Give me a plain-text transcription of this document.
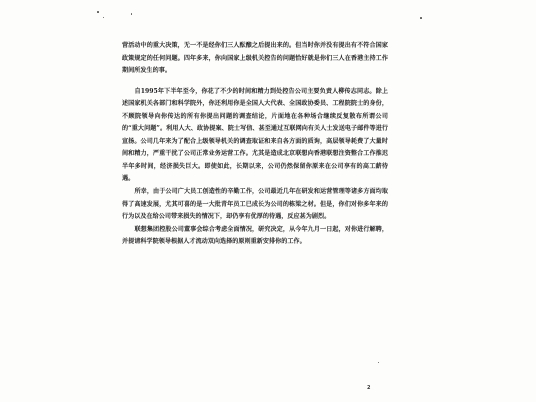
营活动中的重大决策，无一不是经你们三人酝酿之后提出来的。但当时你并没有提出有不符合国家政策规定的任何问题。四年多来，你向国家上级机关控告的问题恰好就是你们三人在香港主持工作期间所发生的事。

自1995年下半年至今，你花了不少的时间和精力到处控告公司主要负责人柳传志同志。除上述国家机关各部门和科学院外，你还利用你是全国人大代表、全国政协委员、工程院院士的身份，不顾院领导向你传达的所有你提出问题的调查结论，片面地在各种场合继续反复散布所谓公司的“重大问题”。利用人大、政协提案、院士写信、甚至通过互联网向有关人士发送电子邮件等进行宣扬。公司几年来为了配合上级领导机关的调查取证和来自各方面的质询，高层领导耗费了大量时间和精力，严重干扰了公司正常业务运营工作。尤其是造成北京联想向香港联想注资整合工作推迟半年多时间，经济损失巨大。即使如此，长期以来，公司仍然保留你原来在公司享有的高工薪待遇。

所幸，由于公司广大员工创造性的辛勤工作，公司最近几年在研发和运营管理等诸多方面均取得了高速发展，尤其可喜的是一大批青年员工已成长为公司的栋梁之材。但是，你们对你多年来的行为以及在给公司带来损失的情况下，却仍享有优厚的待遇，反应甚为剧烈。

联想集团控股公司董事会综合考虑全面情况，研究决定，从今年九月一日起，对你进行解聘，并提请科学院领导根据人才流动双向选择的原则重新安排你的工作。

2
